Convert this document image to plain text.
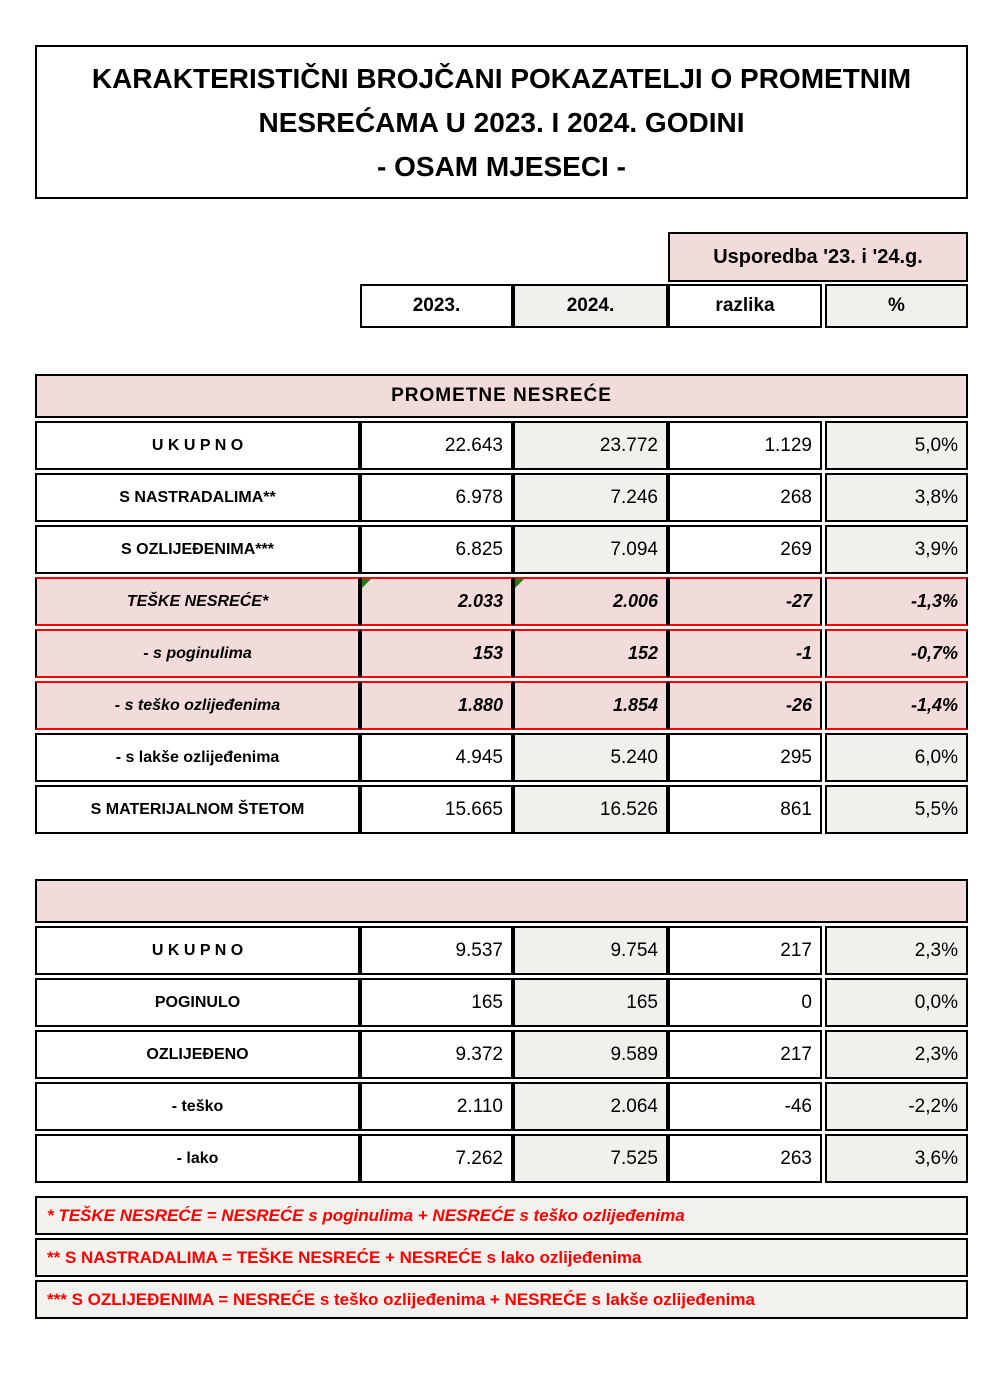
KARAKTERISTIČNI BROJČANI POKAZATELJI O PROMETNIM
NESREĆAMA U 2023. I 2024. GODINI
- OSAM MJESECI -
Usporedba '23. i '24.g.
2023.	2024.	razlika	%
PROMETNE NESREĆE
U K U P N O	22.643	23.772	1.129	5,0%
S NASTRADALIMA**	6.978	7.246	268	3,8%
S OZLIJEĐENIMA***	6.825	7.094	269	3,9%
TEŠKE NESREĆE*	2.033	2.006	-27	-1,3%
- s poginulima	153	152	-1	-0,7%
- s teško ozlijeđenima	1.880	1.854	-26	-1,4%
- s lakše ozlijeđenima	4.945	5.240	295	6,0%
S MATERIJALNOM ŠTETOM	15.665	16.526	861	5,5%
U K U P N O	9.537	9.754	217	2,3%
POGINULO	165	165	0	0,0%
OZLIJEĐENO	9.372	9.589	217	2,3%
- teško	2.110	2.064	-46	-2,2%
- lako	7.262	7.525	263	3,6%
* TEŠKE NESREĆE = NESREĆE s poginulima + NESREĆE s teško ozlijeđenima
** S NASTRADALIMA = TEŠKE NESREĆE + NESREĆE s lako ozlijeđenima
*** S OZLIJEĐENIMA = NESREĆE s teško ozlijeđenima + NESREĆE s lakše ozlijeđenima
